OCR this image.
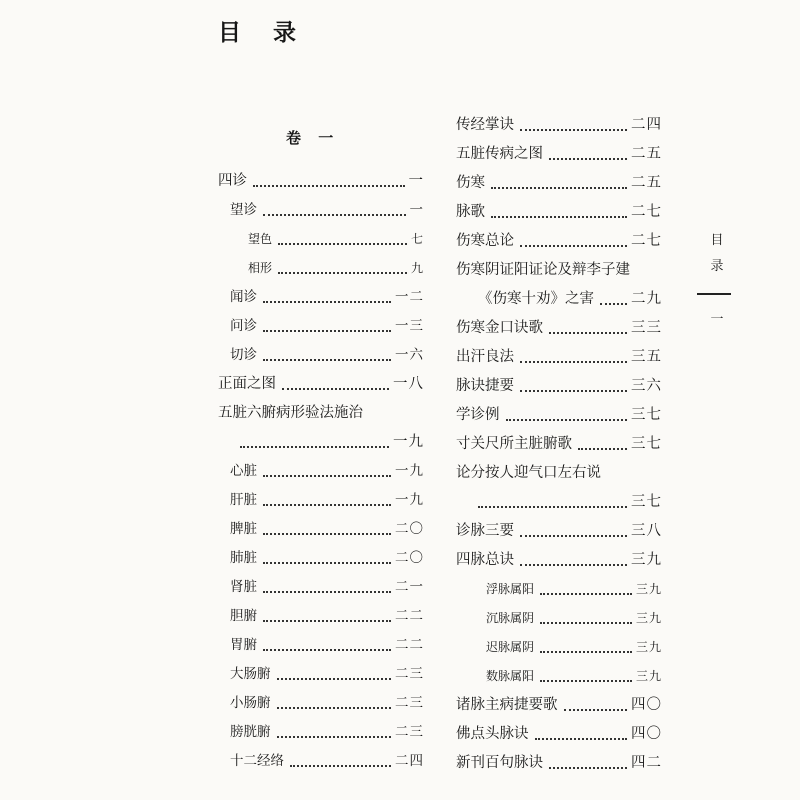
目 录
卷 一
四诊	一
望诊	一
望色	七
相形	九
闻诊	一二
问诊	一三
切诊	一六
正面之图	一八
五脏六腑病形验法施治
一九
心脏	一九
肝脏	一九
脾脏	二〇
肺脏	二〇
肾脏	二一
胆腑	二二
胃腑	二二
大肠腑	二三
小肠腑	二三
膀胱腑	二三
十二经络	二四
传经掌诀	二四
五脏传病之图	二五
伤寒	二五
脉歌	二七
伤寒总论	二七
伤寒阴证阳证论及辩李子建
《伤寒十劝》之害	二九
伤寒金口诀歌	三三
出汗良法	三五
脉诀捷要	三六
学诊例	三七
寸关尺所主脏腑歌	三七
论分按人迎气口左右说
三七
诊脉三要	三八
四脉总诀	三九
浮脉属阳	三九
沉脉属阴	三九
迟脉属阴	三九
数脉属阳	三九
诸脉主病捷要歌	四〇
佛点头脉诀	四〇
新刊百句脉诀	四二
目录
一
